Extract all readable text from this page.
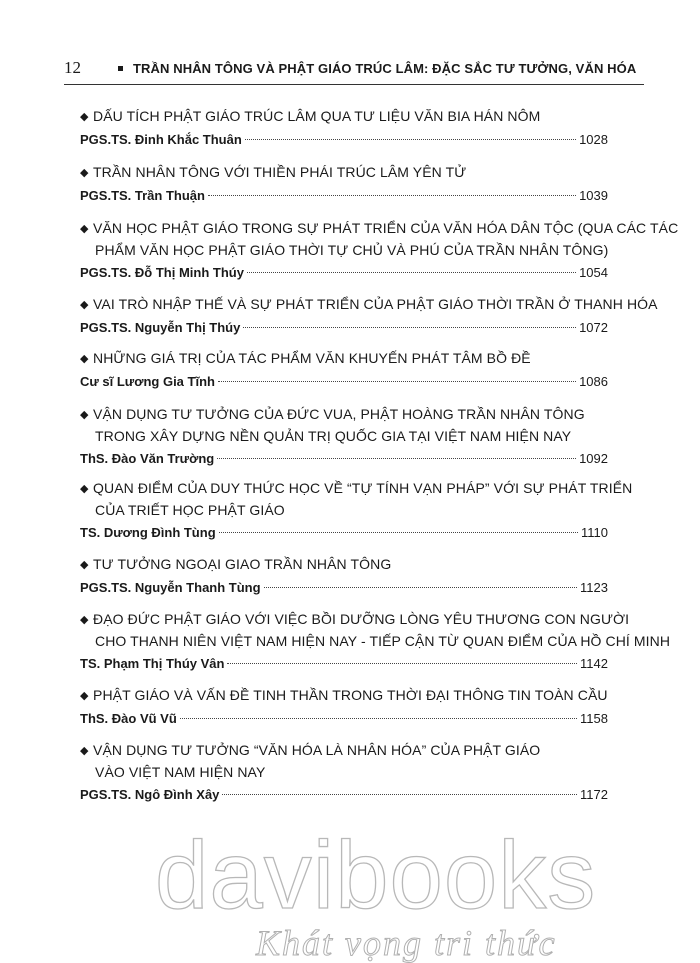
12	TRẦN NHÂN TÔNG VÀ PHẬT GIÁO TRÚC LÂM: ĐẶC SẮC TƯ TƯỞNG, VĂN HÓA
◆ DẤU TÍCH PHẬT GIÁO TRÚC LÂM QUA TƯ LIỆU VĂN BIA HÁN NÔM
PGS.TS. Đinh Khắc Thuân	1028
◆ TRẦN NHÂN TÔNG VỚI THIỀN PHÁI TRÚC LÂM YÊN TỬ
PGS.TS. Trần Thuận	1039
◆ VĂN HỌC PHẬT GIÁO TRONG SỰ PHÁT TRIỂN CỦA VĂN HÓA DÂN TỘC (QUA CÁC TÁC
PHẨM VĂN HỌC PHẬT GIÁO THỜI TỰ CHỦ VÀ PHÚ CỦA TRẦN NHÂN TÔNG)
PGS.TS. Đỗ Thị Minh Thúy	1054
◆ VAI TRÒ NHẬP THẾ VÀ SỰ PHÁT TRIỂN CỦA PHẬT GIÁO THỜI TRẦN Ở THANH HÓA
PGS.TS. Nguyễn Thị Thúy	1072
◆ NHỮNG GIÁ TRỊ CỦA TÁC PHẨM VĂN KHUYẾN PHÁT TÂM BỒ ĐỀ
Cư sĩ Lương Gia Tĩnh	1086
◆ VẬN DỤNG TƯ TƯỞNG CỦA ĐỨC VUA, PHẬT HOÀNG TRẦN NHÂN TÔNG
TRONG XÂY DỰNG NỀN QUẢN TRỊ QUỐC GIA TẠI VIỆT NAM HIỆN NAY
ThS. Đào Văn Trường	1092
◆ QUAN ĐIỂM CỦA DUY THỨC HỌC VỀ “TỰ TÍNH VẠN PHÁP” VỚI SỰ PHÁT TRIỂN
CỦA TRIẾT HỌC PHẬT GIÁO
TS. Dương Đình Tùng	1110
◆ TƯ TƯỞNG NGOẠI GIAO TRẦN NHÂN TÔNG
PGS.TS. Nguyễn Thanh Tùng	1123
◆ ĐẠO ĐỨC PHẬT GIÁO VỚI VIỆC BỒI DƯỠNG LÒNG YÊU THƯƠNG CON NGƯỜI
CHO THANH NIÊN VIỆT NAM HIỆN NAY - TIẾP CẬN TỪ QUAN ĐIỂM CỦA HỒ CHÍ MINH
TS. Phạm Thị Thúy Vân	1142
◆ PHẬT GIÁO VÀ VẤN ĐỀ TINH THẦN TRONG THỜI ĐẠI THÔNG TIN TOÀN CẦU
ThS. Đào Vũ Vũ	1158
◆ VẬN DỤNG TƯ TƯỞNG “VĂN HÓA LÀ NHÂN HÓA” CỦA PHẬT GIÁO
VÀO VIỆT NAM HIỆN NAY
PGS.TS. Ngô Đình Xây	1172
davibooks
Khát vọng tri thức
